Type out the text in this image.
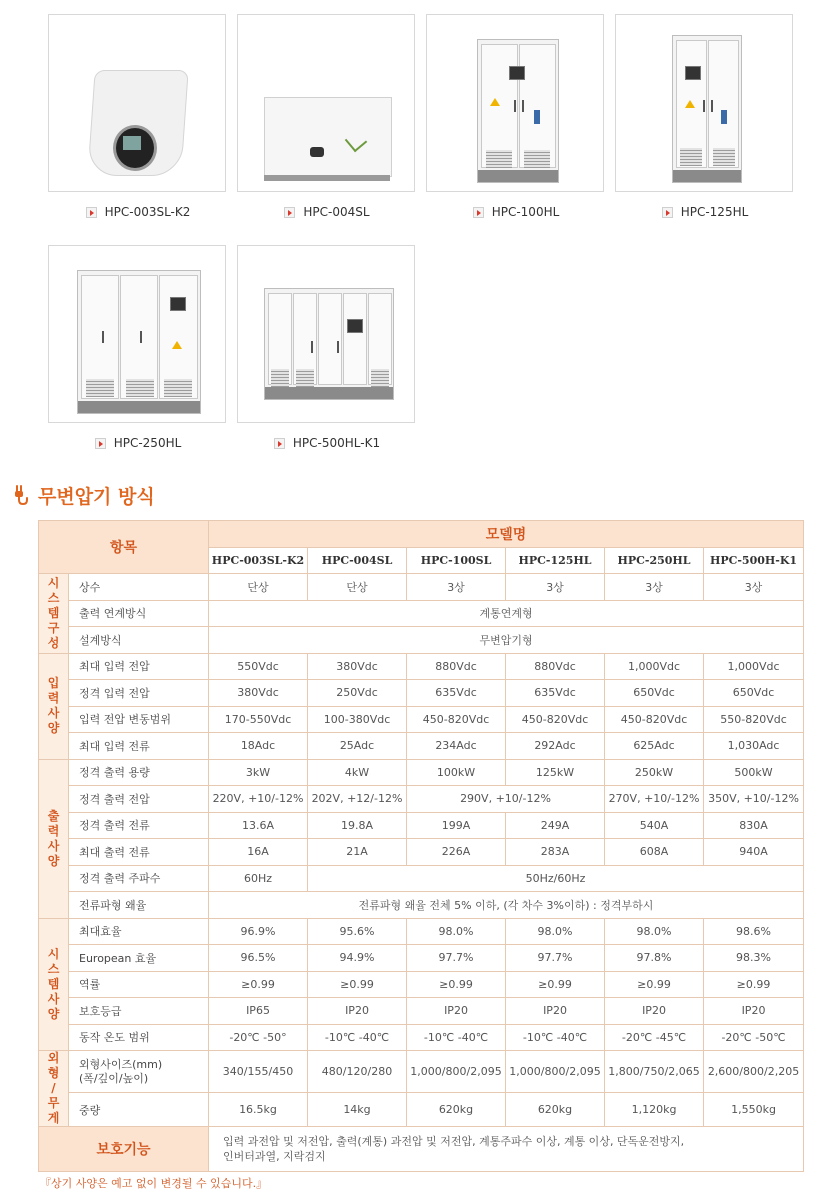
HPC-003SL-K2	HPC-004SL	HPC-100HL	HPC-125HL
HPC-250HL	HPC-500HL-K1
무변압기 방식
항목		모델명					
		HPC-003SL-K2	HPC-004SL	HPC-100SL	HPC-125HL	HPC-250HL	HPC-500H-K1
시
스
템
구
성	상수	단상	단상	3상	3상	3상	3상
	출력 연계방식	계통연계형					
	설계방식	무변압기형					
입
력
사
양	최대 입력 전압	550Vdc	380Vdc	880Vdc	880Vdc	1,000Vdc	1,000Vdc
	정격 입력 전압	380Vdc	250Vdc	635Vdc	635Vdc	650Vdc	650Vdc
	입력 전압 변동범위	170-550Vdc	100-380Vdc	450-820Vdc	450-820Vdc	450-820Vdc	550-820Vdc
	최대 입력 전류	18Adc	25Adc	234Adc	292Adc	625Adc	1,030Adc
출
력
사
양	정격 출력 용량	3kW	4kW	100kW	125kW	250kW	500kW
	정격 출력 전압	220V, +10/-12%	202V, +12/-12%	290V, +10/-12%		270V, +10/-12%	350V, +10/-12%
	정격 출력 전류	13.6A	19.8A	199A	249A	540A	830A
	최대 출력 전류	16A	21A	226A	283A	608A	940A
	정격 출력 주파수	60Hz	50Hz/60Hz				
	전류파형 왜율	전류파형 왜율 전체 5% 이하, (각 차수 3%이하) : 정격부하시					
시
스
템
사
양	최대효율	96.9%	95.6%	98.0%	98.0%	98.0%	98.6%
	European 효율	96.5%	94.9%	97.7%	97.7%	97.8%	98.3%
	역률	≥0.99	≥0.99	≥0.99	≥0.99	≥0.99	≥0.99
	보호등급	IP65	IP20	IP20	IP20	IP20	IP20
	동작 온도 범위	-20℃ -50°	-10℃ -40℃	-10℃ -40℃	-10℃ -40℃	-20℃ -45℃	-20℃ -50℃
외형
/
무게	외형사이즈(mm)
(폭/깊이/높이)	340/155/450	480/120/280	1,000/800/2,095	1,000/800/2,095	1,800/750/2,065	2,600/800/2,205
	중량	16.5kg	14kg	620kg	620kg	1,120kg	1,550kg
보호기능		입력 과전압 및 저전압, 출력(계통) 과전압 및 저전압, 계통주파수 이상, 계통 이상, 단독운전방지,
인버터과열, 지락검지					
『상기 사양은 예고 없이 변경될 수 있습니다.』
